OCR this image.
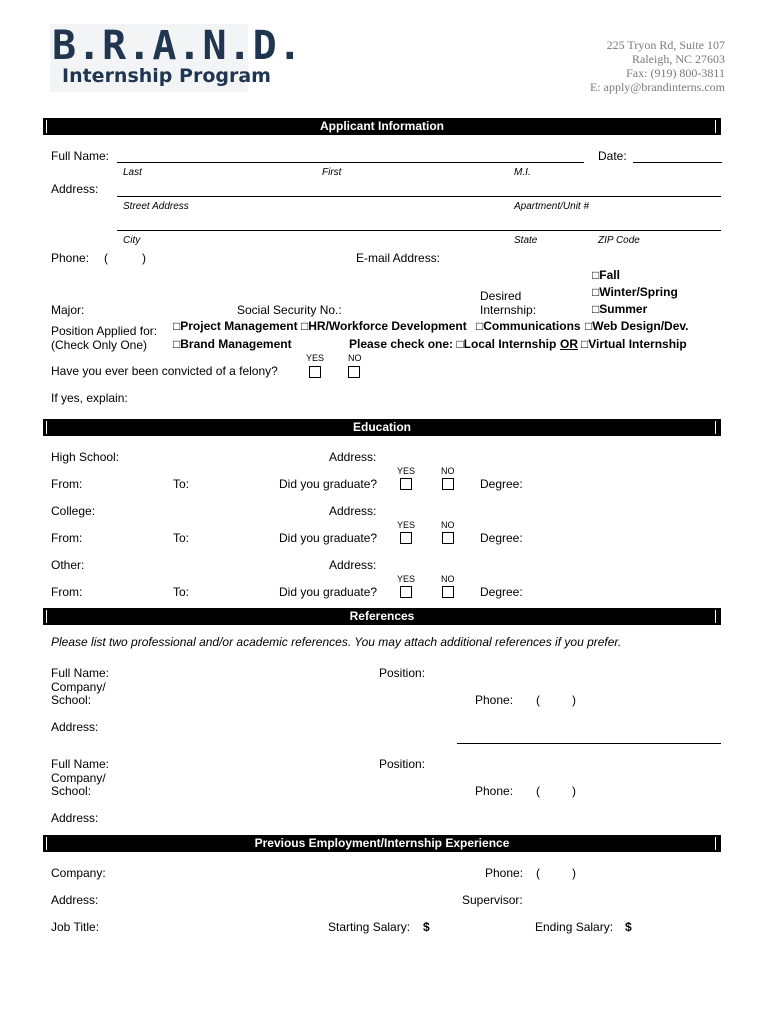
B.R.A.N.D.
Internship Program
225 Tryon Rd, Suite 107
Raleigh, NC 27603
Fax: (919) 800-3811
E: apply@brandinterns.com
Applicant Information
Full Name:	Date:
Last	First	M.I.
Address:
Street Address	Apartment/Unit #
City	State	ZIP Code
Phone: (	)	E-mail Address:
□Fall
□Winter/Spring
□Summer
Desired
Internship:
Major:	Social Security No.:
Position Applied for:
(Check Only One)
□Project Management □HR/Workforce Development □Communications □Web Design/Dev.
□Brand Management	Please check one: □Local Internship OR □Virtual Internship
YES	NO
Have you ever been convicted of a felony?
If yes, explain:
Education
High School:	Address:
YES	NO
From:	To:	Did you graduate?	Degree:
College:	Address:
YES	NO
From:	To:	Did you graduate?	Degree:
Other:	Address:
YES	NO
From:	To:	Did you graduate?	Degree:
References
Please list two professional and/or academic references. You may attach additional references if you prefer.
Full Name:	Position:
Company/
School:	Phone: (	)
Address:
Full Name:	Position:
Company/
School:	Phone: (	)
Address:
Previous Employment/Internship Experience
Company:	Phone: (	)
Address:	Supervisor:
Job Title:	Starting Salary: $	Ending Salary: $
